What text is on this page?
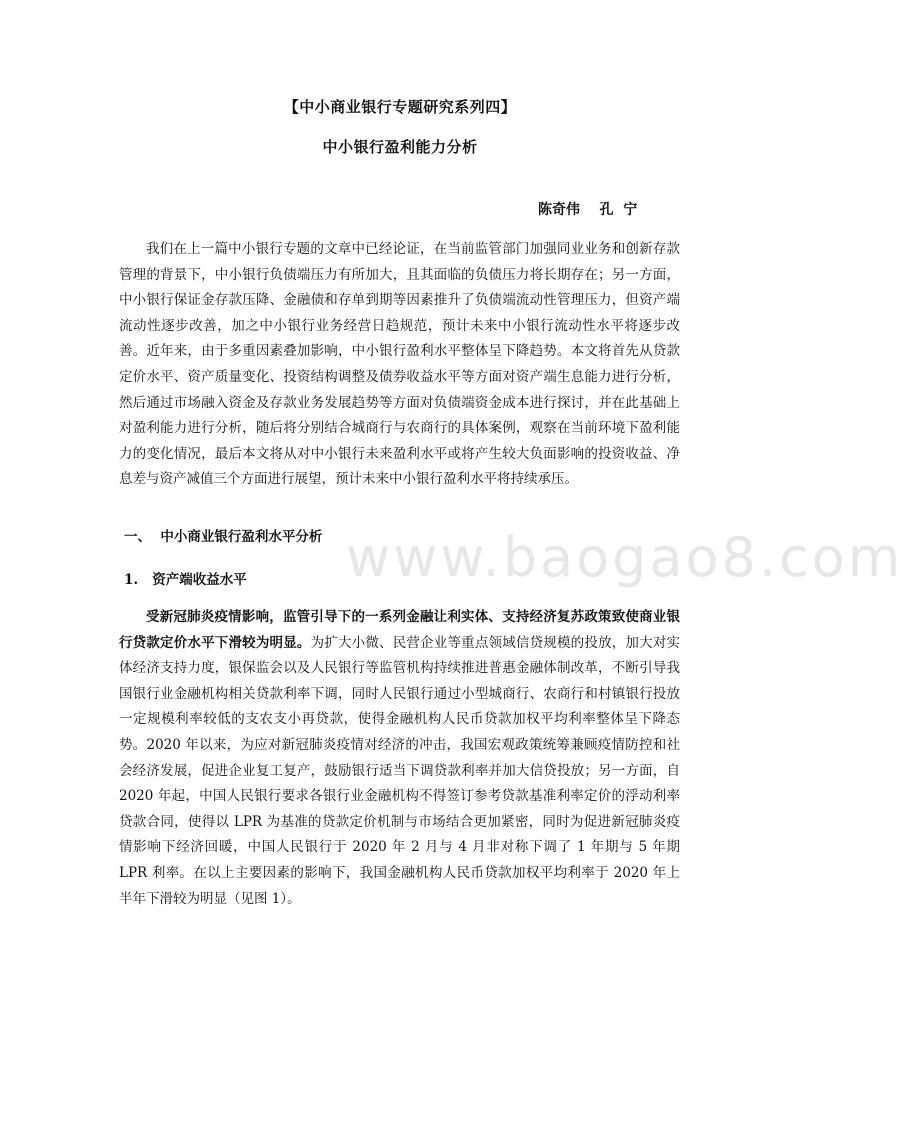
【中小商业银行专题研究系列四】
中小银行盈利能力分析
陈奇伟    孔  宁

我们在上一篇中小银行专题的文章中已经论证，在当前监管部门加强同业业务和创新存款管理的背景下，中小银行负债端压力有所加大，且其面临的负债压力将长期存在；另一方面，中小银行保证金存款压降、金融债和存单到期等因素推升了负债端流动性管理压力，但资产端流动性逐步改善，加之中小银行业务经营日趋规范，预计未来中小银行流动性水平将逐步改善。近年来，由于多重因素叠加影响，中小银行盈利水平整体呈下降趋势。本文将首先从贷款定价水平、资产质量变化、投资结构调整及债券收益水平等方面对资产端生息能力进行分析，然后通过市场融入资金及存款业务发展趋势等方面对负债端资金成本进行探讨，并在此基础上对盈利能力进行分析，随后将分别结合城商行与农商行的具体案例，观察在当前环境下盈利能力的变化情况，最后本文将从对中小银行未来盈利水平或将产生较大负面影响的投资收益、净息差与资产减值三个方面进行展望，预计未来中小银行盈利水平将持续承压。

一、  中小商业银行盈利水平分析 www.baogao8.com
1.   资产端收益水平

受新冠肺炎疫情影响，监管引导下的一系列金融让利实体、支持经济复苏政策致使商业银行贷款定价水平下滑较为明显。为扩大小微、民营企业等重点领域信贷规模的投放，加大对实体经济支持力度，银保监会以及人民银行等监管机构持续推进普惠金融体制改革，不断引导我国银行业金融机构相关贷款利率下调，同时人民银行通过小型城商行、农商行和村镇银行投放一定规模利率较低的支农支小再贷款，使得金融机构人民币贷款加权平均利率整体呈下降态势。2020 年以来，为应对新冠肺炎疫情对经济的冲击，我国宏观政策统筹兼顾疫情防控和社会经济发展，促进企业复工复产，鼓励银行适当下调贷款利率并加大信贷投放；另一方面，自 2020 年起，中国人民银行要求各银行业金融机构不得签订参考贷款基准利率定价的浮动利率贷款合同，使得以 LPR 为基准的贷款定价机制与市场结合更加紧密，同时为促进新冠肺炎疫情影响下经济回暖，中国人民银行于 2020 年 2 月与 4 月非对称下调了 1 年期与 5 年期 LPR 利率。在以上主要因素的影响下，我国金融机构人民币贷款加权平均利率于 2020 年上半年下滑较为明显（见图 1）。
